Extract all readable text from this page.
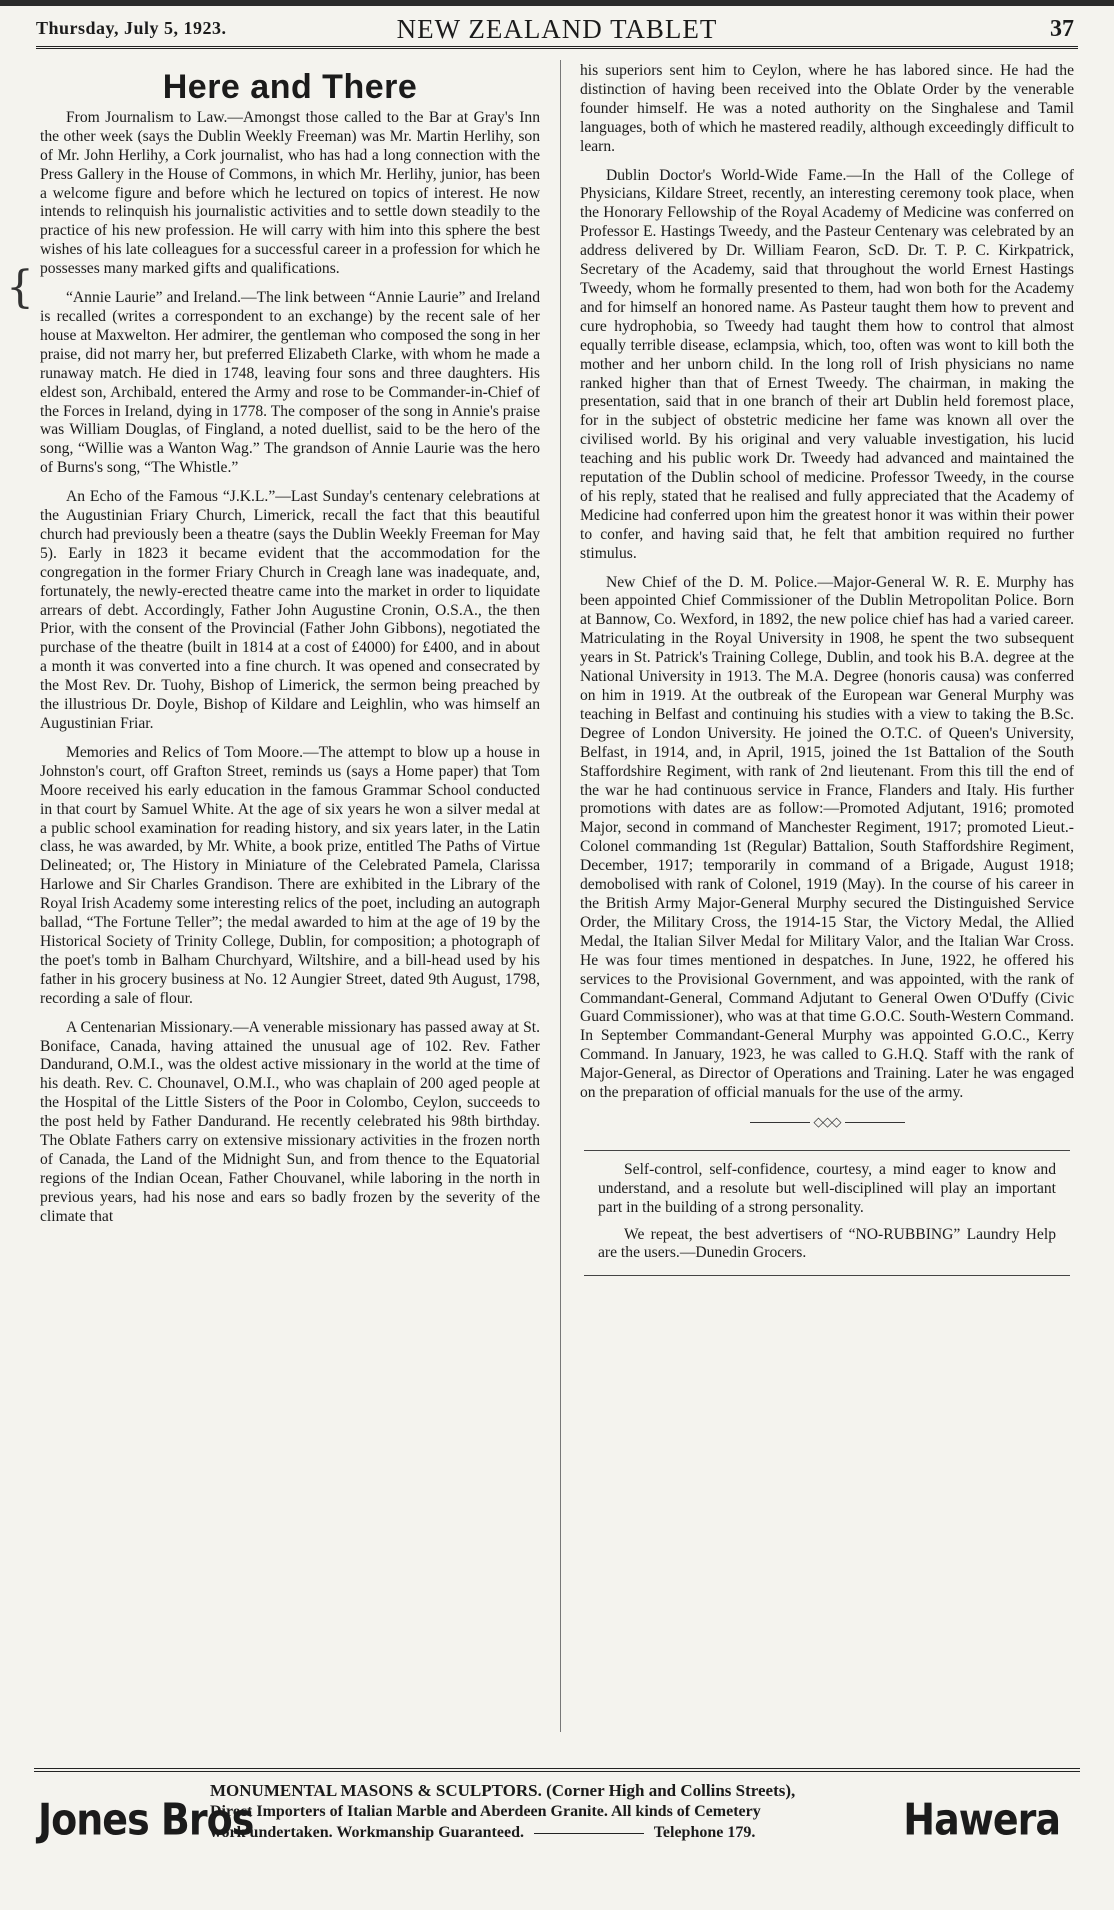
Thursday, July 5, 1923.	NEW ZEALAND TABLET	37
{
Here and There

From Journalism to Law.—Amongst those called to the Bar at Gray's Inn the other week (says the Dublin Weekly Freeman) was Mr. Martin Herlihy, son of Mr. John Herlihy, a Cork journalist, who has had a long connection with the Press Gallery in the House of Commons, in which Mr. Herlihy, junior, has been a welcome figure and before which he lectured on topics of interest. He now intends to relinquish his journalistic activities and to settle down steadily to the practice of his new profession. He will carry with him into this sphere the best wishes of his late colleagues for a successful career in a profession for which he possesses many marked gifts and qualifications.

“Annie Laurie” and Ireland.—The link between “Annie Laurie” and Ireland is recalled (writes a correspondent to an exchange) by the recent sale of her house at Maxwelton. Her admirer, the gentleman who composed the song in her praise, did not marry her, but preferred Elizabeth Clarke, with whom he made a runaway match. He died in 1748, leaving four sons and three daughters. His eldest son, Archibald, entered the Army and rose to be Commander-in-Chief of the Forces in Ireland, dying in 1778. The composer of the song in Annie's praise was William Douglas, of Fingland, a noted duellist, said to be the hero of the song, “Willie was a Wanton Wag.” The grandson of Annie Laurie was the hero of Burns's song, “The Whistle.”

An Echo of the Famous “J.K.L.”—Last Sunday's centenary celebrations at the Augustinian Friary Church, Limerick, recall the fact that this beautiful church had previously been a theatre (says the Dublin Weekly Freeman for May 5). Early in 1823 it became evident that the accommodation for the congregation in the former Friary Church in Creagh lane was inadequate, and, fortunately, the newly-erected theatre came into the market in order to liquidate arrears of debt. Accordingly, Father John Augustine Cronin, O.S.A., the then Prior, with the consent of the Provincial (Father John Gibbons), negotiated the purchase of the theatre (built in 1814 at a cost of £4000) for £400, and in about a month it was converted into a fine church. It was opened and consecrated by the Most Rev. Dr. Tuohy, Bishop of Limerick, the sermon being preached by the illustrious Dr. Doyle, Bishop of Kildare and Leighlin, who was himself an Augustinian Friar.

Memories and Relics of Tom Moore.—The attempt to blow up a house in Johnston's court, off Grafton Street, reminds us (says a Home paper) that Tom Moore received his early education in the famous Grammar School conducted in that court by Samuel White. At the age of six years he won a silver medal at a public school examination for reading history, and six years later, in the Latin class, he was awarded, by Mr. White, a book prize, entitled The Paths of Virtue Delineated; or, The History in Miniature of the Celebrated Pamela, Clarissa Harlowe and Sir Charles Grandison. There are exhibited in the Library of the Royal Irish Academy some interesting relics of the poet, including an autograph ballad, “The Fortune Teller”; the medal awarded to him at the age of 19 by the Historical Society of Trinity College, Dublin, for composition; a photograph of the poet's tomb in Balham Churchyard, Wiltshire, and a bill-head used by his father in his grocery business at No. 12 Aungier Street, dated 9th August, 1798, recording a sale of flour.

A Centenarian Missionary.—A venerable missionary has passed away at St. Boniface, Canada, having attained the unusual age of 102. Rev. Father Dandurand, O.M.I., was the oldest active missionary in the world at the time of his death. Rev. C. Chounavel, O.M.I., who was chaplain of 200 aged people at the Hospital of the Little Sisters of the Poor in Colombo, Ceylon, succeeds to the post held by Father Dandurand. He recently celebrated his 98th birthday. The Oblate Fathers carry on extensive missionary activities in the frozen north of Canada, the Land of the Midnight Sun, and from thence to the Equatorial regions of the Indian Ocean, Father Chouvanel, while laboring in the north in previous years, had his nose and ears so badly frozen by the severity of the climate that

his superiors sent him to Ceylon, where he has labored since. He had the distinction of having been received into the Oblate Order by the venerable founder himself. He was a noted authority on the Singhalese and Tamil languages, both of which he mastered readily, although exceedingly difficult to learn.

Dublin Doctor's World-Wide Fame.—In the Hall of the College of Physicians, Kildare Street, recently, an interesting ceremony took place, when the Honorary Fellowship of the Royal Academy of Medicine was conferred on Professor E. Hastings Tweedy, and the Pasteur Centenary was celebrated by an address delivered by Dr. William Fearon, ScD. Dr. T. P. C. Kirkpatrick, Secretary of the Academy, said that throughout the world Ernest Hastings Tweedy, whom he formally presented to them, had won both for the Academy and for himself an honored name. As Pasteur taught them how to prevent and cure hydrophobia, so Tweedy had taught them how to control that almost equally terrible disease, eclampsia, which, too, often was wont to kill both the mother and her unborn child. In the long roll of Irish physicians no name ranked higher than that of Ernest Tweedy. The chairman, in making the presentation, said that in one branch of their art Dublin held foremost place, for in the subject of obstetric medicine her fame was known all over the civilised world. By his original and very valuable investigation, his lucid teaching and his public work Dr. Tweedy had advanced and maintained the reputation of the Dublin school of medicine. Professor Tweedy, in the course of his reply, stated that he realised and fully appreciated that the Academy of Medicine had conferred upon him the greatest honor it was within their power to confer, and having said that, he felt that ambition required no further stimulus.

New Chief of the D. M. Police.—Major-General W. R. E. Murphy has been appointed Chief Commissioner of the Dublin Metropolitan Police. Born at Bannow, Co. Wexford, in 1892, the new police chief has had a varied career. Matriculating in the Royal University in 1908, he spent the two subsequent years in St. Patrick's Training College, Dublin, and took his B.A. degree at the National University in 1913. The M.A. Degree (honoris causa) was conferred on him in 1919. At the outbreak of the European war General Murphy was teaching in Belfast and continuing his studies with a view to taking the B.Sc. Degree of London University. He joined the O.T.C. of Queen's University, Belfast, in 1914, and, in April, 1915, joined the 1st Battalion of the South Staffordshire Regiment, with rank of 2nd lieutenant. From this till the end of the war he had continuous service in France, Flanders and Italy. His further promotions with dates are as follow:—Promoted Adjutant, 1916; promoted Major, second in command of Manchester Regiment, 1917; promoted Lieut.-Colonel commanding 1st (Regular) Battalion, South Staffordshire Regiment, December, 1917; temporarily in command of a Brigade, August 1918; demobolised with rank of Colonel, 1919 (May). In the course of his career in the British Army Major-General Murphy secured the Distinguished Service Order, the Military Cross, the 1914-15 Star, the Victory Medal, the Allied Medal, the Italian Silver Medal for Military Valor, and the Italian War Cross. He was four times mentioned in despatches. In June, 1922, he offered his services to the Provisional Government, and was appointed, with the rank of Commandant-General, Command Adjutant to General Owen O'Duffy (Civic Guard Commissioner), who was at that time G.O.C. South-Western Command. In September Commandant-General Murphy was appointed G.O.C., Kerry Command. In January, 1923, he was called to G.H.Q. Staff with the rank of Major-General, as Director of Operations and Training. Later he was engaged on the preparation of official manuals for the use of the army.

◇◇◇

Self-control, self-confidence, courtesy, a mind eager to know and understand, and a resolute but well-disciplined will play an important part in the building of a strong personality.

We repeat, the best advertisers of “NO-RUBBING” Laundry Help are the users.—Dunedin Grocers.

Jones Bros
MONUMENTAL MASONS & SCULPTORS. (Corner High and Collins Streets),
Direct Importers of Italian Marble and Aberdeen Granite. All kinds of Cemetery
work undertaken. Workmanship Guaranteed.	Telephone 179.	Hawera
